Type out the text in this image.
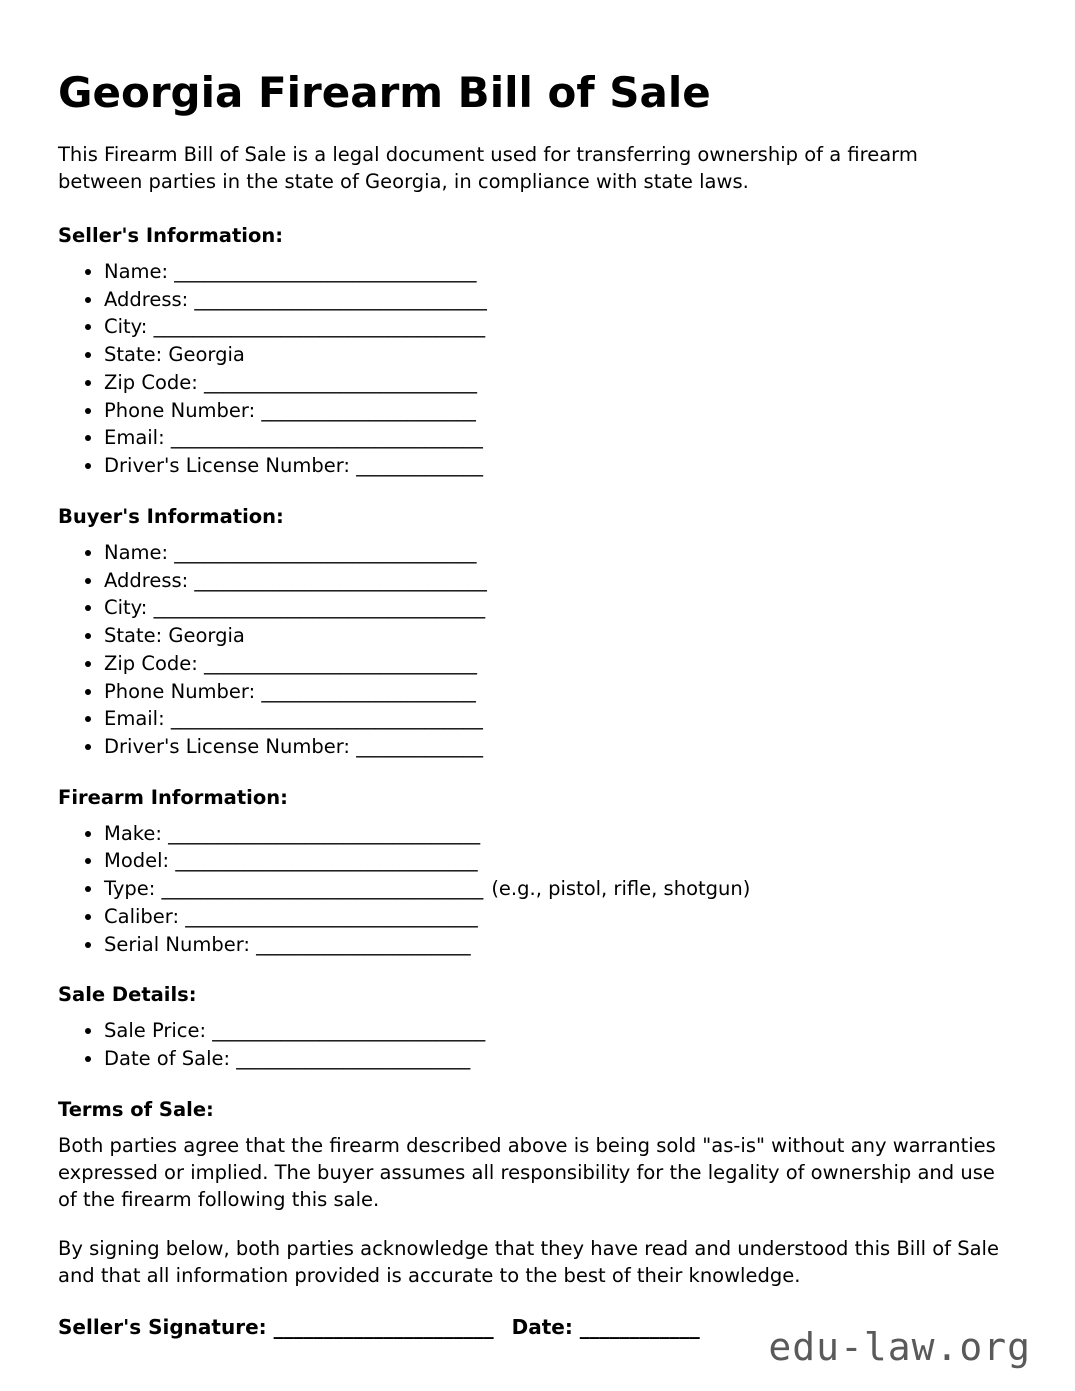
Georgia Firearm Bill of Sale

This Firearm Bill of Sale is a legal document used for transferring ownership of a firearm between parties in the state of Georgia, in compliance with state laws.

Seller's Information:
• Name: _______________________________
• Address: ______________________________
• City: __________________________________
• State: Georgia
• Zip Code: ____________________________
• Phone Number: ______________________
• Email: ________________________________
• Driver's License Number: _____________
Buyer's Information:
• Name: _______________________________
• Address: ______________________________
• City: __________________________________
• State: Georgia
• Zip Code: ____________________________
• Phone Number: ______________________
• Email: ________________________________
• Driver's License Number: _____________
Firearm Information:
• Make: ________________________________
• Model: _______________________________
• Type: _________________________________ (e.g., pistol, rifle, shotgun)
• Caliber: ______________________________
• Serial Number: ______________________
Sale Details:
• Sale Price: ____________________________
• Date of Sale: ________________________
Terms of Sale:

Both parties agree that the firearm described above is being sold "as-is" without any warranties expressed or implied. The buyer assumes all responsibility for the legality of ownership and use of the firearm following this sale.

By signing below, both parties acknowledge that they have read and understood this Bill of Sale and that all information provided is accurate to the best of their knowledge.

Seller's Signature: ______________________ Date: ____________	edu-law.org
